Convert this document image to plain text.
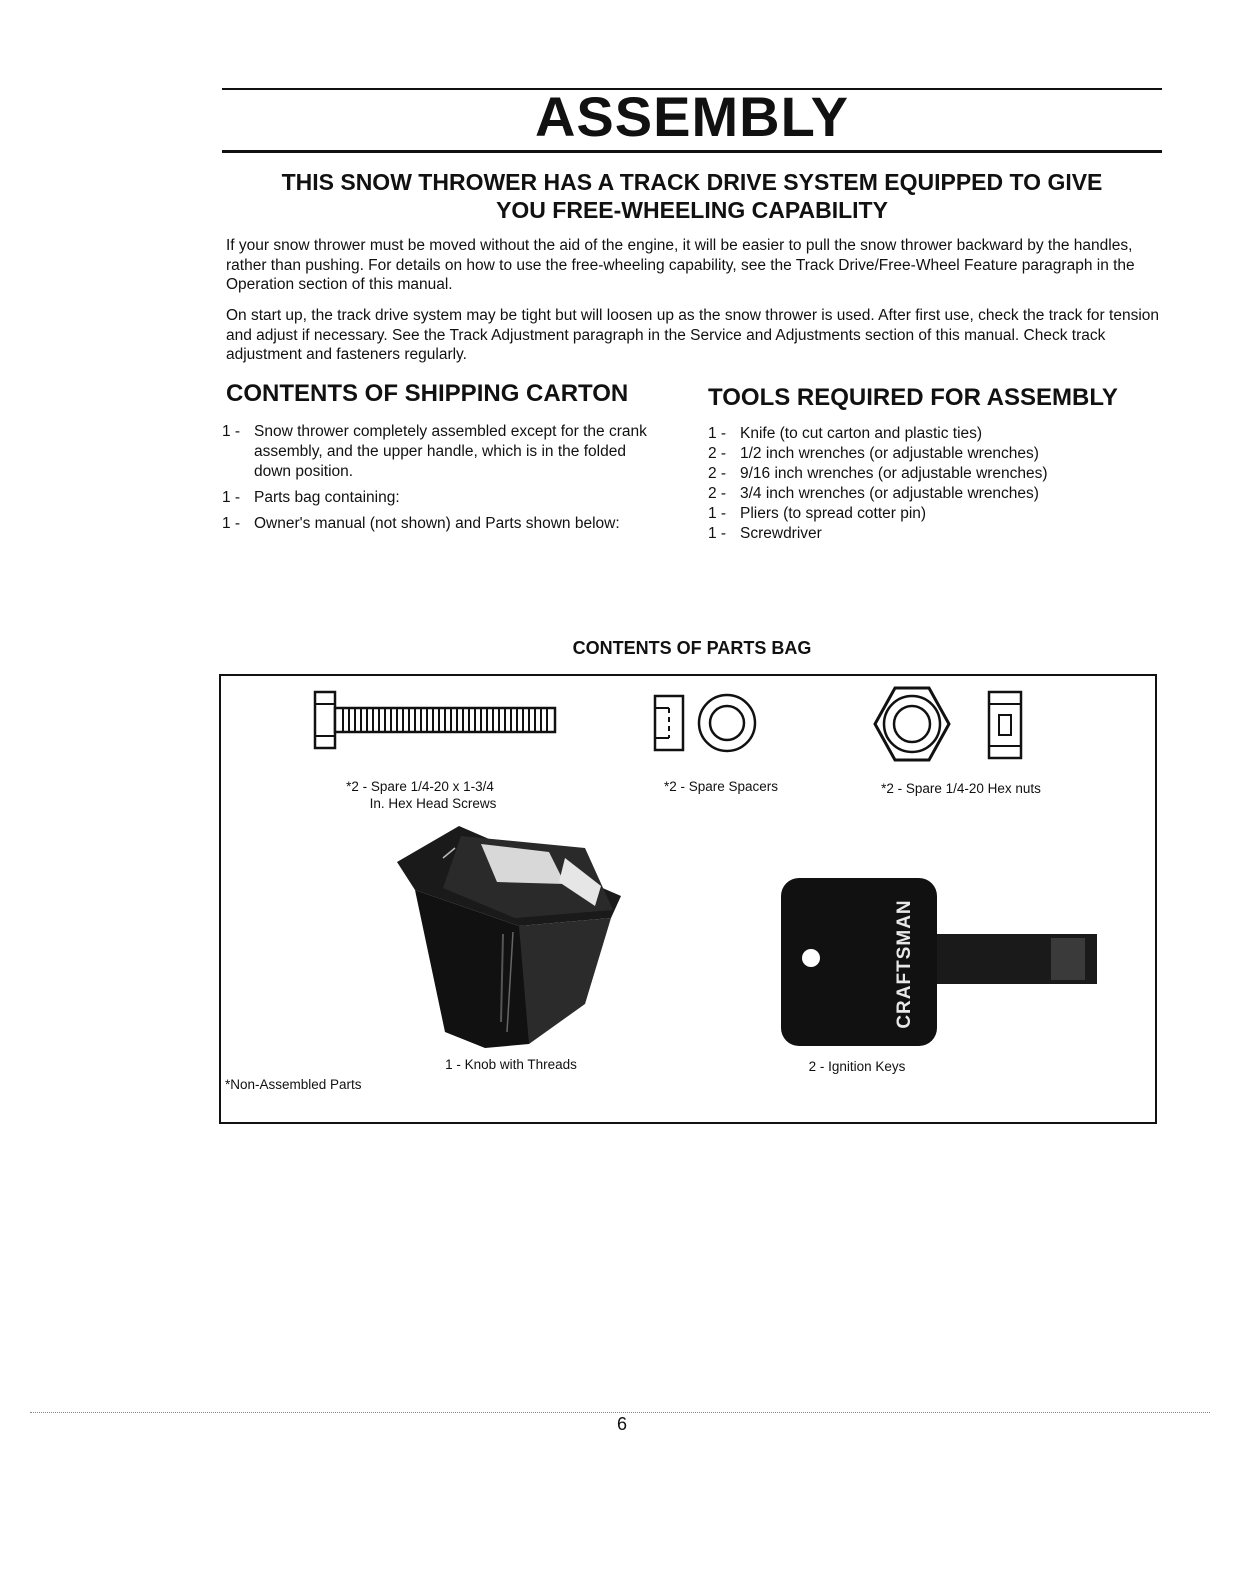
ASSEMBLY
THIS SNOW THROWER HAS A TRACK DRIVE SYSTEM EQUIPPED TO GIVE
YOU FREE-WHEELING CAPABILITY

If your snow thrower must be moved without the aid of the engine, it will be easier to pull the snow thrower backward by the handles, rather than pushing. For details on how to use the free-wheeling capability, see the Track Drive/Free-Wheel Feature paragraph in the Operation section of this manual.

On start up, the track drive system may be tight but will loosen up as the snow thrower is used. After first use, check the track for tension and adjust if necessary. See the Track Adjustment paragraph in the Service and Adjustments section of this manual. Check track adjustment and fasteners regularly.

CONTENTS OF SHIPPING CARTON	TOOLS REQUIRED FOR ASSEMBLY
1 - Snow thrower completely assembled except for the crank assembly, and the upper handle, which is in the folded down position.
1 - Parts bag containing:
1 - Owner's manual (not shown) and Parts shown below:
1 - Knife (to cut carton and plastic ties)
2 - 1/2 inch wrenches (or adjustable wrenches)
2 - 9/16 inch wrenches (or adjustable wrenches)
2 - 3/4 inch wrenches (or adjustable wrenches)
1 - Pliers (to spread cotter pin)
1 - Screwdriver
CONTENTS OF PARTS BAG
*2 - Spare 1/4-20 x 1-3/4
In. Hex Head Screws
*2 - Spare Spacers	*2 - Spare 1/4-20 Hex nuts
1 - Knob with Threads
CRAFTSMAN
2 - Ignition Keys
*Non-Assembled Parts
6
